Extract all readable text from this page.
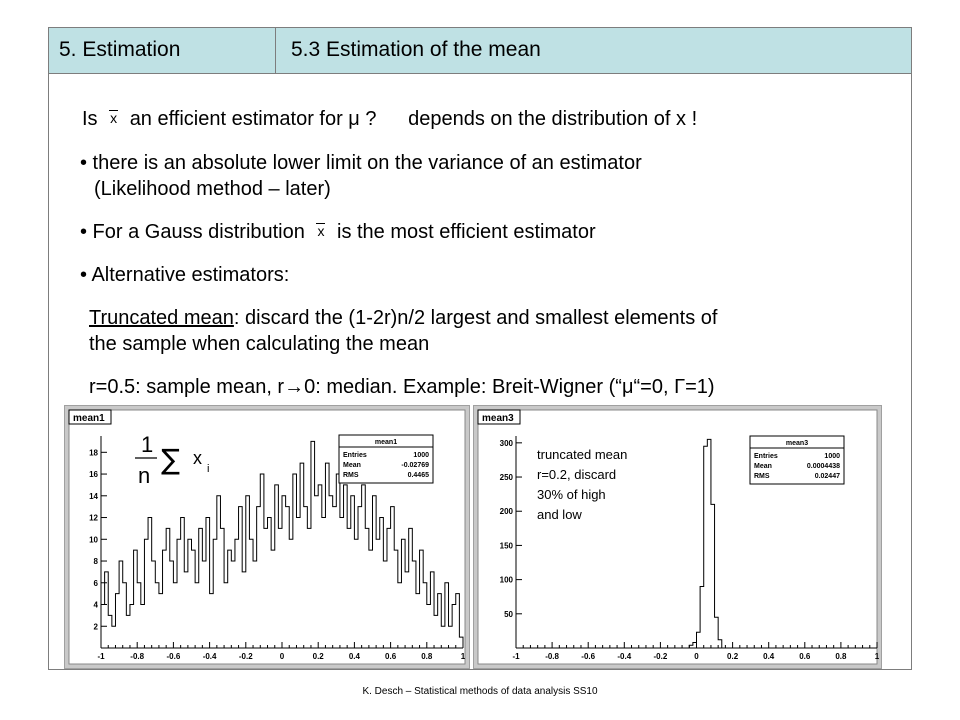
5. Estimation	5.3 Estimation of the mean
Is x an efficient estimator for μ ? depends on the distribution of x !
• there is an absolute lower limit on the variance of an estimator
(Likelihood method – later)
• For a Gauss distribution x is the most efficient estimator
• Alternative estimators:
Truncated mean: discard the (1-2r)n/2 largest and smallest elements of
the sample when calculating the mean
r=0.5: sample mean, r→0: median. Example: Breit-Wigner (“μ“=0, Γ=1)
mean1
-1	-0.8	-0.6	-0.4	-0.2	0	0.2	0.4	0.6	0.8	1
2
4
6
8
10
12
14
16
18
mean1
Entries	1000
Mean	-0.02769
RMS	0.4465
1
n ∑ x
i
mean3
-1	-0.8	-0.6	-0.4	-0.2	0	0.2	0.4	0.6	0.8	1
50
100
150
200
250
300	mean3
Entries	1000
Mean	0.0004438
RMS	0.02447
truncated mean
r=0.2, discard
30% of high
and low
K. Desch – Statistical methods of data analysis SS10
